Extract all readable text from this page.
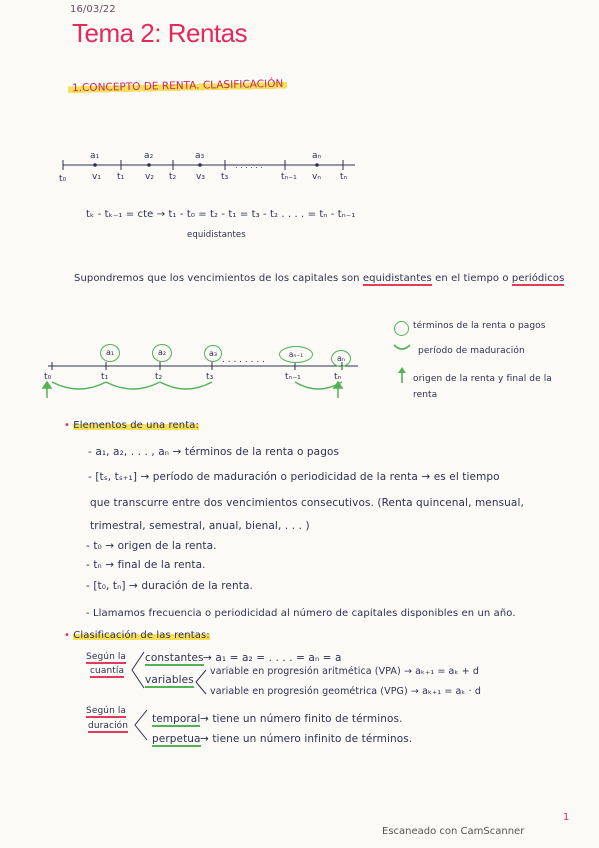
16/03/22
Tema 2: Rentas
1.CONCEPTO DE RENTA. CLASIFICACIÓN
. . . . . .
a₁	a₂	a₃	aₙ
t₀	v₁ t₁ v₂ t₂ v₃ t₃	tₙ₋₁ vₙ tₙ
tₖ - tₖ₋₁ = cte → t₁ - t₀ = t₂ - t₁ = t₃ - t₂ . . . . = tₙ - tₙ₋₁
equidistantes
Supondremos que los vencimientos de los capitales son equidistantes en el tiempo o periódicos
. . . . . . . .
a₁	a₂	a₃	aₙ₋₁	aₙ
t₀	t₁	t₂	t₃	tₙ₋₁	tₙ
términos de la renta o pagos
período de maduración
origen de la renta y final de la renta
• Elementos de una renta:
- a₁, a₂, . . . , aₙ → términos de la renta o pagos
- [tₛ, tₛ₊₁] → período de maduración o periodicidad de la renta → es el tiempo
que transcurre entre dos vencimientos consecutivos. (Renta quincenal, mensual,
trimestral, semestral, anual, bienal, . . . )
- t₀ → origen de la renta.
- tₙ → final de la renta.
- [t₀, tₙ] → duración de la renta.
- Llamamos frecuencia o periodicidad al número de capitales disponibles en un año.
• Clasificación de las rentas:
Según la
cuantía
constantes → a₁ = a₂ = . . . . = aₙ = a
variables
variable en progresión aritmética (VPA) → aₖ₊₁ = aₖ + d
variable en progresión geométrica (VPG) → aₖ₊₁ = aₖ · d
Según la
duración
temporal → tiene un número finito de términos.
perpetua → tiene un número infinito de términos.
1
Escaneado con CamScanner
